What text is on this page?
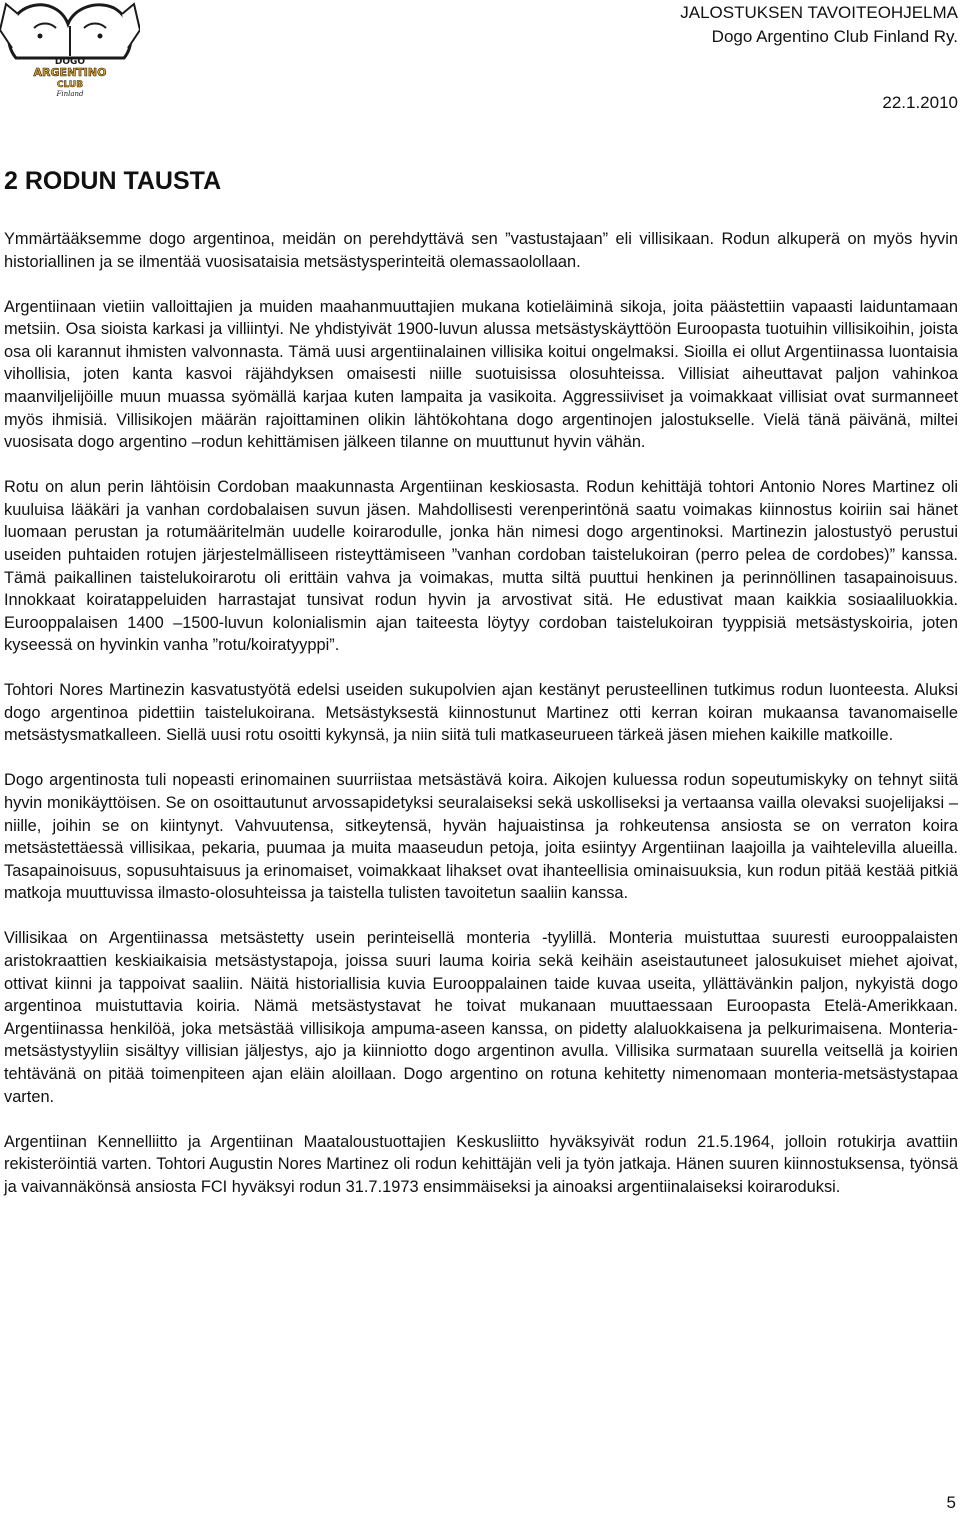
DOGO
ARGENTINO
CLUB
Finland
JALOSTUKSEN TAVOITEOHJELMA
Dogo Argentino Club Finland Ry.
22.1.2010
2 RODUN TAUSTA

Ymmärtääksemme dogo argentinoa, meidän on perehdyttävä sen ”vastustajaan” eli villisikaan. Rodun alkuperä on myös hyvin historiallinen ja se ilmentää vuosisataisia metsästysperinteitä olemassaolollaan.

Argentiinaan vietiin valloittajien ja muiden maahanmuuttajien mukana kotieläiminä sikoja, joita päästettiin vapaasti laiduntamaan metsiin. Osa sioista karkasi ja villiintyi. Ne yhdistyivät 1900-luvun alussa metsästyskäyttöön Euroopasta tuotuihin villisikoihin, joista osa oli karannut ihmisten valvonnasta. Tämä uusi argentiinalainen villisika koitui ongelmaksi. Sioilla ei ollut Argentiinassa luontaisia vihollisia, joten kanta kasvoi räjähdyksen omaisesti niille suotuisissa olosuhteissa. Villisiat aiheuttavat paljon vahinkoa maanviljelijöille muun muassa syömällä karjaa kuten lampaita ja vasikoita. Aggressiiviset ja voimakkaat villisiat ovat surmanneet myös ihmisiä. Villisikojen määrän rajoittaminen olikin lähtökohtana dogo argentinojen jalostukselle. Vielä tänä päivänä, miltei vuosisata dogo argentino –rodun kehittämisen jälkeen tilanne on muuttunut hyvin vähän.

Rotu on alun perin lähtöisin Cordoban maakunnasta Argentiinan keskiosasta. Rodun kehittäjä tohtori Antonio Nores Martinez oli kuuluisa lääkäri ja vanhan cordobalaisen suvun jäsen. Mahdollisesti verenperintönä saatu voimakas kiinnostus koiriin sai hänet luomaan perustan ja rotumääritelmän uudelle koirarodulle, jonka hän nimesi dogo argentinoksi. Martinezin jalostustyö perustui useiden puhtaiden rotujen järjestelmälliseen risteyttämiseen ”vanhan cordoban taistelukoiran (perro pelea de cordobes)” kanssa. Tämä paikallinen taistelukoirarotu oli erittäin vahva ja voimakas, mutta siltä puuttui henkinen ja perinnöllinen tasapainoisuus. Innokkaat koiratappeluiden harrastajat tunsivat rodun hyvin ja arvostivat sitä. He edustivat maan kaikkia sosiaaliluokkia. Eurooppalaisen 1400 –1500-luvun kolonialismin ajan taiteesta löytyy cordoban taistelukoiran tyyppisiä metsästyskoiria, joten kyseessä on hyvinkin vanha ”rotu/koiratyyppi”.

Tohtori Nores Martinezin kasvatustyötä edelsi useiden sukupolvien ajan kestänyt perusteellinen tutkimus rodun luonteesta. Aluksi dogo argentinoa pidettiin taistelukoirana. Metsästyksestä kiinnostunut Martinez otti kerran koiran mukaansa tavanomaiselle metsästysmatkalleen. Siellä uusi rotu osoitti kykynsä, ja niin siitä tuli matkaseurueen tärkeä jäsen miehen kaikille matkoille.

Dogo argentinosta tuli nopeasti erinomainen suurriistaa metsästävä koira. Aikojen kuluessa rodun sopeutumiskyky on tehnyt siitä hyvin monikäyttöisen. Se on osoittautunut arvossapidetyksi seuralaiseksi sekä uskolliseksi ja vertaansa vailla olevaksi suojelijaksi – niille, joihin se on kiintynyt. Vahvuutensa, sitkeytensä, hyvän hajuaistinsa ja rohkeutensa ansiosta se on verraton koira metsästettäessä villisikaa, pekaria, puumaa ja muita maaseudun petoja, joita esiintyy Argentiinan laajoilla ja vaihtelevilla alueilla. Tasapainoisuus, sopusuhtaisuus ja erinomaiset, voimakkaat lihakset ovat ihanteellisia ominaisuuksia, kun rodun pitää kestää pitkiä matkoja muuttuvissa ilmasto-olosuhteissa ja taistella tulisten tavoitetun saaliin kanssa.

Villisikaa on Argentiinassa metsästetty usein perinteisellä monteria -tyylillä. Monteria muistuttaa suuresti eurooppalaisten aristokraattien keskiaikaisia metsästystapoja, joissa suuri lauma koiria sekä keihäin aseistautuneet jalosukuiset miehet ajoivat, ottivat kiinni ja tappoivat saaliin. Näitä historiallisia kuvia Eurooppalainen taide kuvaa useita, yllättävänkin paljon, nykyistä dogo argentinoa muistuttavia koiria. Nämä metsästystavat he toivat mukanaan muuttaessaan Euroopasta Etelä-Amerikkaan. Argentiinassa henkilöä, joka metsästää villisikoja ampuma-aseen kanssa, on pidetty alaluokkaisena ja pelkurimaisena. Monteria-metsästystyyliin sisältyy villisian jäljestys, ajo ja kiinniotto dogo argentinon avulla. Villisika surmataan suurella veitsellä ja koirien tehtävänä on pitää toimenpiteen ajan eläin aloillaan. Dogo argentino on rotuna kehitetty nimenomaan monteria-metsästystapaa varten.

Argentiinan Kennelliitto ja Argentiinan Maataloustuottajien Keskusliitto hyväksyivät rodun 21.5.1964, jolloin rotukirja avattiin rekisteröintiä varten. Tohtori Augustin Nores Martinez oli rodun kehittäjän veli ja työn jatkaja. Hänen suuren kiinnostuksensa, työnsä ja vaivannäkönsä ansiosta FCI hyväksyi rodun 31.7.1973 ensimmäiseksi ja ainoaksi argentiinalaiseksi koiraroduksi.

5
